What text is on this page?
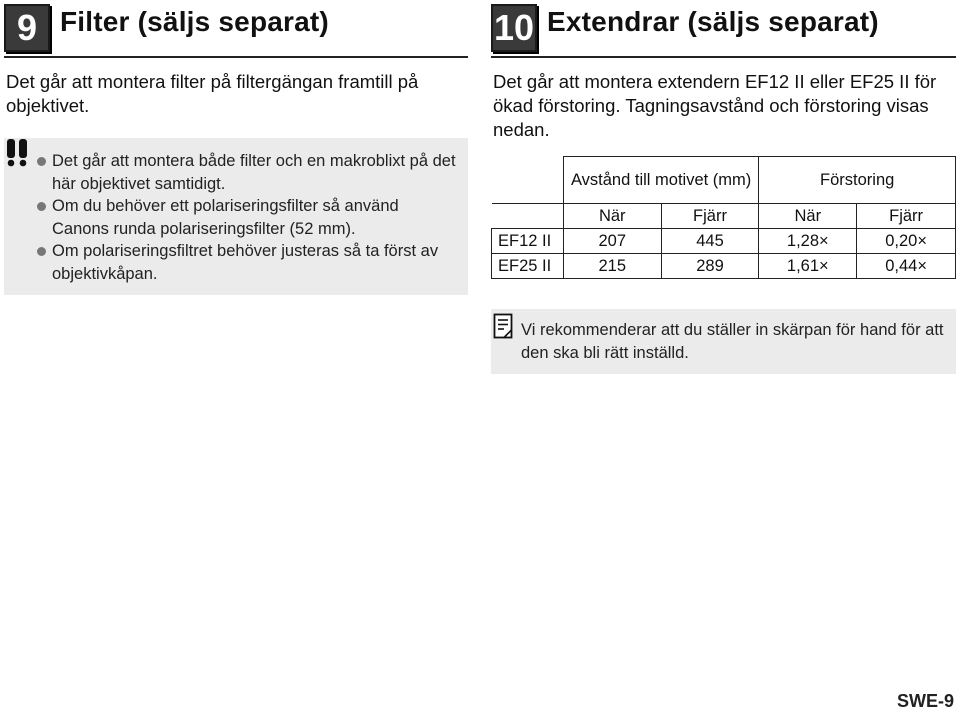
9 Filter (säljs separat)
Det går att montera filter på filtergängan framtill på objektivet.
Det går att montera både filter och en makroblixt på det här objektivet samtidigt.
Om du behöver ett polariseringsfilter så använd Canons runda polariseringsfilter (52 mm).
Om polariseringsfiltret behöver justeras så ta först av objektivkåpan.
10 Extendrar (säljs separat)
Det går att montera extendern EF12 II eller EF25 II för ökad förstoring. Tagningsavstånd och förstoring visas nedan.
	Avstånd till motivet (mm)		Förstoring	
	När	Fjärr	När	Fjärr
EF12 II	207	445	1,28×	0,20×
EF25 II	215	289	1,61×	0,44×
Vi rekommenderar att du ställer in skärpan för hand för att den ska bli rätt inställd.
SWE-9
